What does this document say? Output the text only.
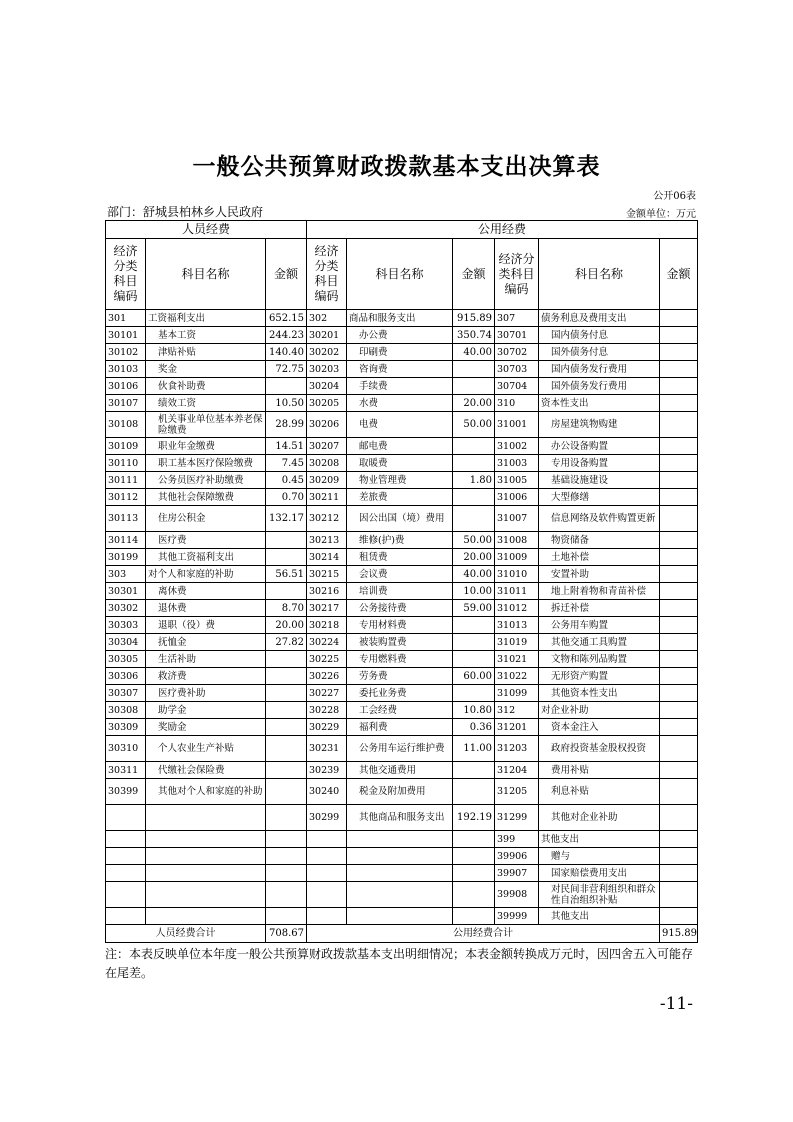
一般公共预算财政拨款基本支出决算表
公开06表
部门：舒城县柏林乡人民政府	金额单位：万元
人员经费			公用经费					
经济分类科目编码	科目名称	金额	经济分类科目编码	科目名称	金额	经济分类科目编码	科目名称	金额
301	工资福利支出	652.15	302	商品和服务支出	915.89	307	债务利息及费用支出	
30101	基本工资	244.23	30201	办公费	350.74	30701	国内债务付息	
30102	津贴补贴	140.40	30202	印刷费	40.00	30702	国外债务付息	
30103	奖金	72.75	30203	咨询费		30703	国内债务发行费用	
30106	伙食补助费		30204	手续费		30704	国外债务发行费用	
30107	绩效工资	10.50	30205	水费	20.00	310	资本性支出	
30108	机关事业单位基本养老保险缴费	28.99	30206	电费	50.00	31001	房屋建筑物购建	
30109	职业年金缴费	14.51	30207	邮电费		31002	办公设备购置	
30110	职工基本医疗保险缴费	7.45	30208	取暖费		31003	专用设备购置	
30111	公务员医疗补助缴费	0.45	30209	物业管理费	1.80	31005	基础设施建设	
30112	其他社会保障缴费	0.70	30211	差旅费		31006	大型修缮	
30113	住房公积金	132.17	30212	因公出国（境）费用		31007	信息网络及软件购置更新	
30114	医疗费		30213	维修(护)费	50.00	31008	物资储备	
30199	其他工资福利支出		30214	租赁费	20.00	31009	土地补偿	
303	对个人和家庭的补助	56.51	30215	会议费	40.00	31010	安置补助	
30301	离休费		30216	培训费	10.00	31011	地上附着物和青苗补偿	
30302	退休费	8.70	30217	公务接待费	59.00	31012	拆迁补偿	
30303	退职（役）费	20.00	30218	专用材料费		31013	公务用车购置	
30304	抚恤金	27.82	30224	被装购置费		31019	其他交通工具购置	
30305	生活补助		30225	专用燃料费		31021	文物和陈列品购置	
30306	救济费		30226	劳务费	60.00	31022	无形资产购置	
30307	医疗费补助		30227	委托业务费		31099	其他资本性支出	
30308	助学金		30228	工会经费	10.80	312	对企业补助	
30309	奖励金		30229	福利费	0.36	31201	资本金注入	
30310	个人农业生产补贴		30231	公务用车运行维护费	11.00	31203	政府投资基金股权投资	
30311	代缴社会保险费		30239	其他交通费用		31204	费用补贴	
30399	其他对个人和家庭的补助		30240	税金及附加费用		31205	利息补贴	
			30299	其他商品和服务支出	192.19	31299	其他对企业补助	
						399	其他支出	
						39906	赠与	
						39907	国家赔偿费用支出	
						39908	对民间非营利组织和群众性自治组织补贴	
						39999	其他支出	
人员经费合计		708.67	公用经费合计					915.89
注：本表反映单位本年度一般公共预算财政拨款基本支出明细情况；本表金额转换成万元时，因四舍五入可能存在尾差。
-11-
